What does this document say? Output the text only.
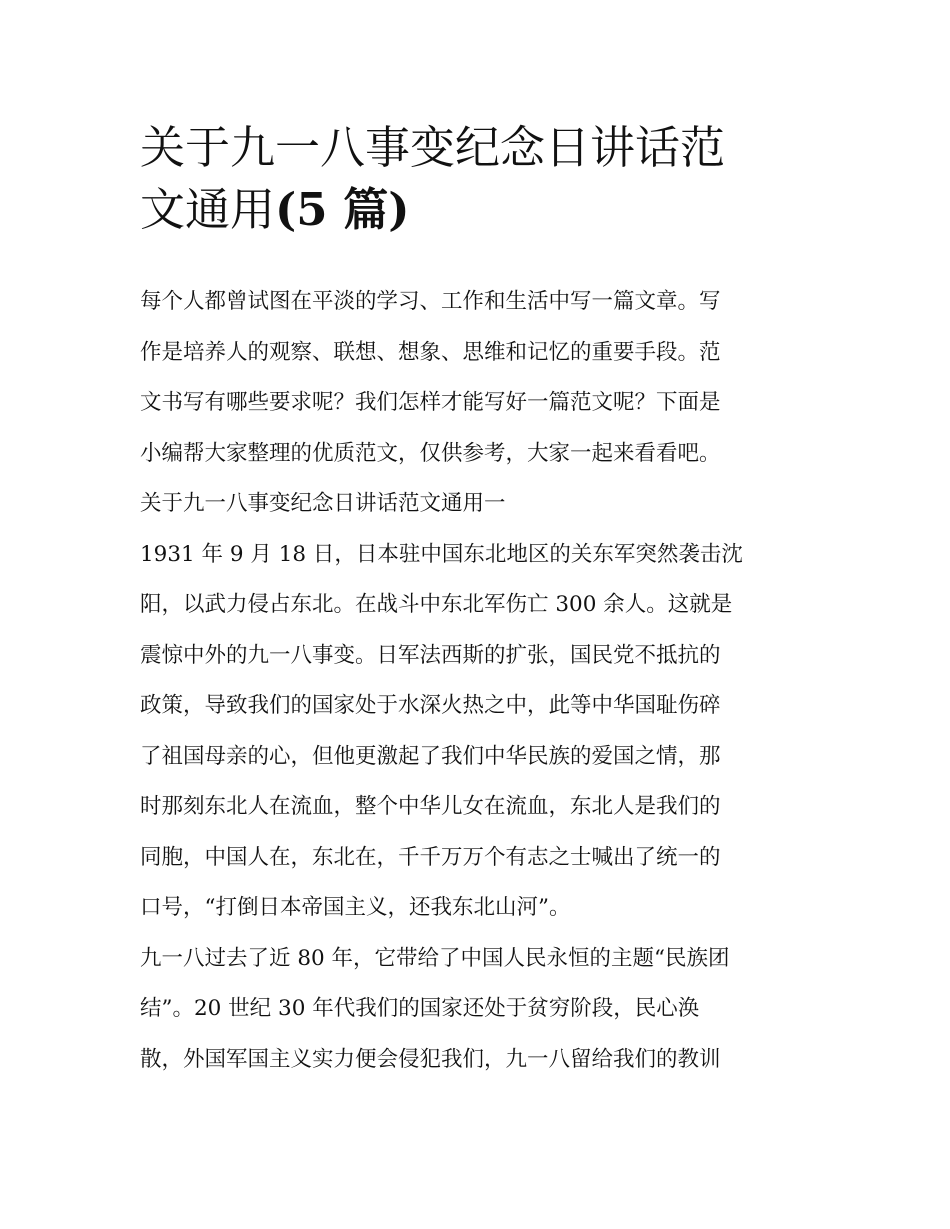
关于九一八事变纪念日讲话范
文通用(5 篇)
每个人都曾试图在平淡的学习、工作和生活中写一篇文章。写
作是培养人的观察、联想、想象、思维和记忆的重要手段。范
文书写有哪些要求呢？我们怎样才能写好一篇范文呢？下面是
小编帮大家整理的优质范文，仅供参考，大家一起来看看吧。
关于九一八事变纪念日讲话范文通用一
1931 年 9 月 18 日，日本驻中国东北地区的关东军突然袭击沈
阳，以武力侵占东北。在战斗中东北军伤亡 300 余人。这就是
震惊中外的九一八事变。日军法西斯的扩张，国民党不抵抗的
政策，导致我们的国家处于水深火热之中，此等中华国耻伤碎
了祖国母亲的心，但他更激起了我们中华民族的爱国之情，那
时那刻东北人在流血，整个中华儿女在流血，东北人是我们的
同胞，中国人在，东北在，千千万万个有志之士喊出了统一的
口号，“打倒日本帝国主义，还我东北山河”。
九一八过去了近 80 年，它带给了中国人民永恒的主题“民族团
结”。20 世纪 30 年代我们的国家还处于贫穷阶段，民心涣
散，外国军国主义实力便会侵犯我们，九一八留给我们的教训
